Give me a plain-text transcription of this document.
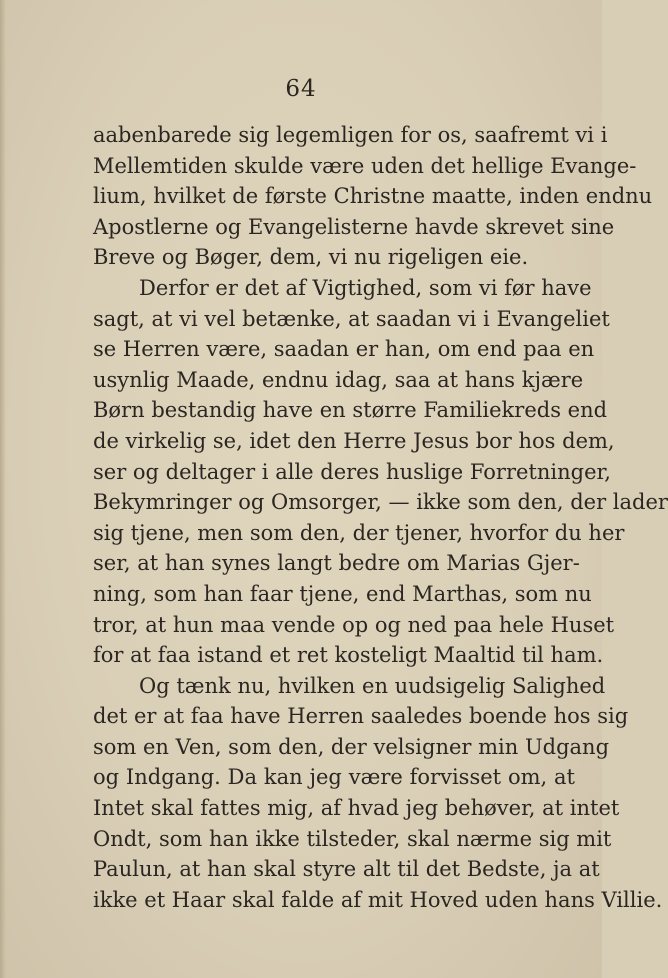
64
aabenbarede sig legemligen for os, saafremt vi i
Mellemtiden skulde være uden det hellige Evange-
lium, hvilket de første Christne maatte, inden endnu
Apostlerne og Evangelisterne havde skrevet sine
Breve og Bøger, dem, vi nu rigeligen eie.
Derfor er det af Vigtighed, som vi før have
sagt, at vi vel betænke, at saadan vi i Evangeliet
se Herren være, saadan er han, om end paa en
usynlig Maade, endnu idag, saa at hans kjære
Børn bestandig have en større Familiekreds end
de virkelig se, idet den Herre Jesus bor hos dem,
ser og deltager i alle deres huslige Forretninger,
Bekymringer og Omsorger, — ikke som den, der lader
sig tjene, men som den, der tjener, hvorfor du her
ser, at han synes langt bedre om Marias Gjer-
ning, som han faar tjene, end Marthas, som nu
tror, at hun maa vende op og ned paa hele Huset
for at faa istand et ret kosteligt Maaltid til ham.
Og tænk nu, hvilken en uudsigelig Salighed
det er at faa have Herren saaledes boende hos sig
som en Ven, som den, der velsigner min Udgang
og Indgang. Da kan jeg være forvisset om, at
Intet skal fattes mig, af hvad jeg behøver, at intet
Ondt, som han ikke tilsteder, skal nærme sig mit
Paulun, at han skal styre alt til det Bedste, ja at
ikke et Haar skal falde af mit Hoved uden hans Villie.
